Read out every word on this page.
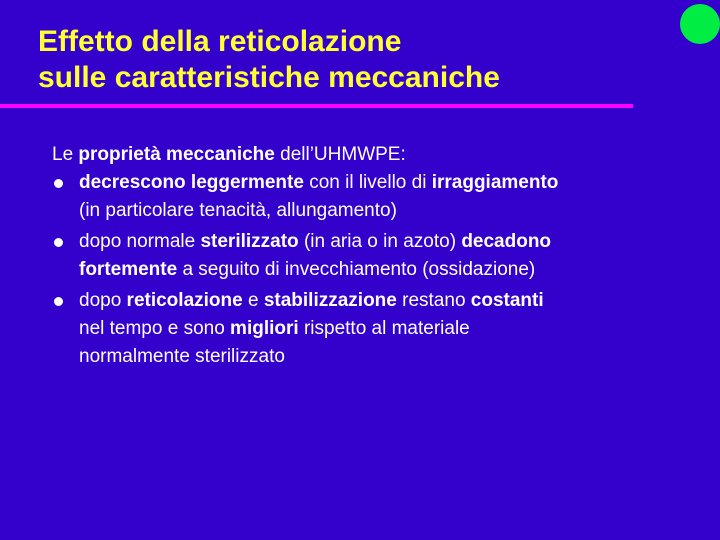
Effetto della reticolazione
sulle caratteristiche meccaniche
Le proprietà meccaniche dell’UHMWPE:
decrescono leggermente con il livello di irraggiamento
(in particolare tenacità, allungamento)
dopo normale sterilizzato (in aria o in azoto) decadono
fortemente a seguito di invecchiamento (ossidazione)
dopo reticolazione e stabilizzazione restano costanti
nel tempo e sono migliori rispetto al materiale
normalmente sterilizzato
